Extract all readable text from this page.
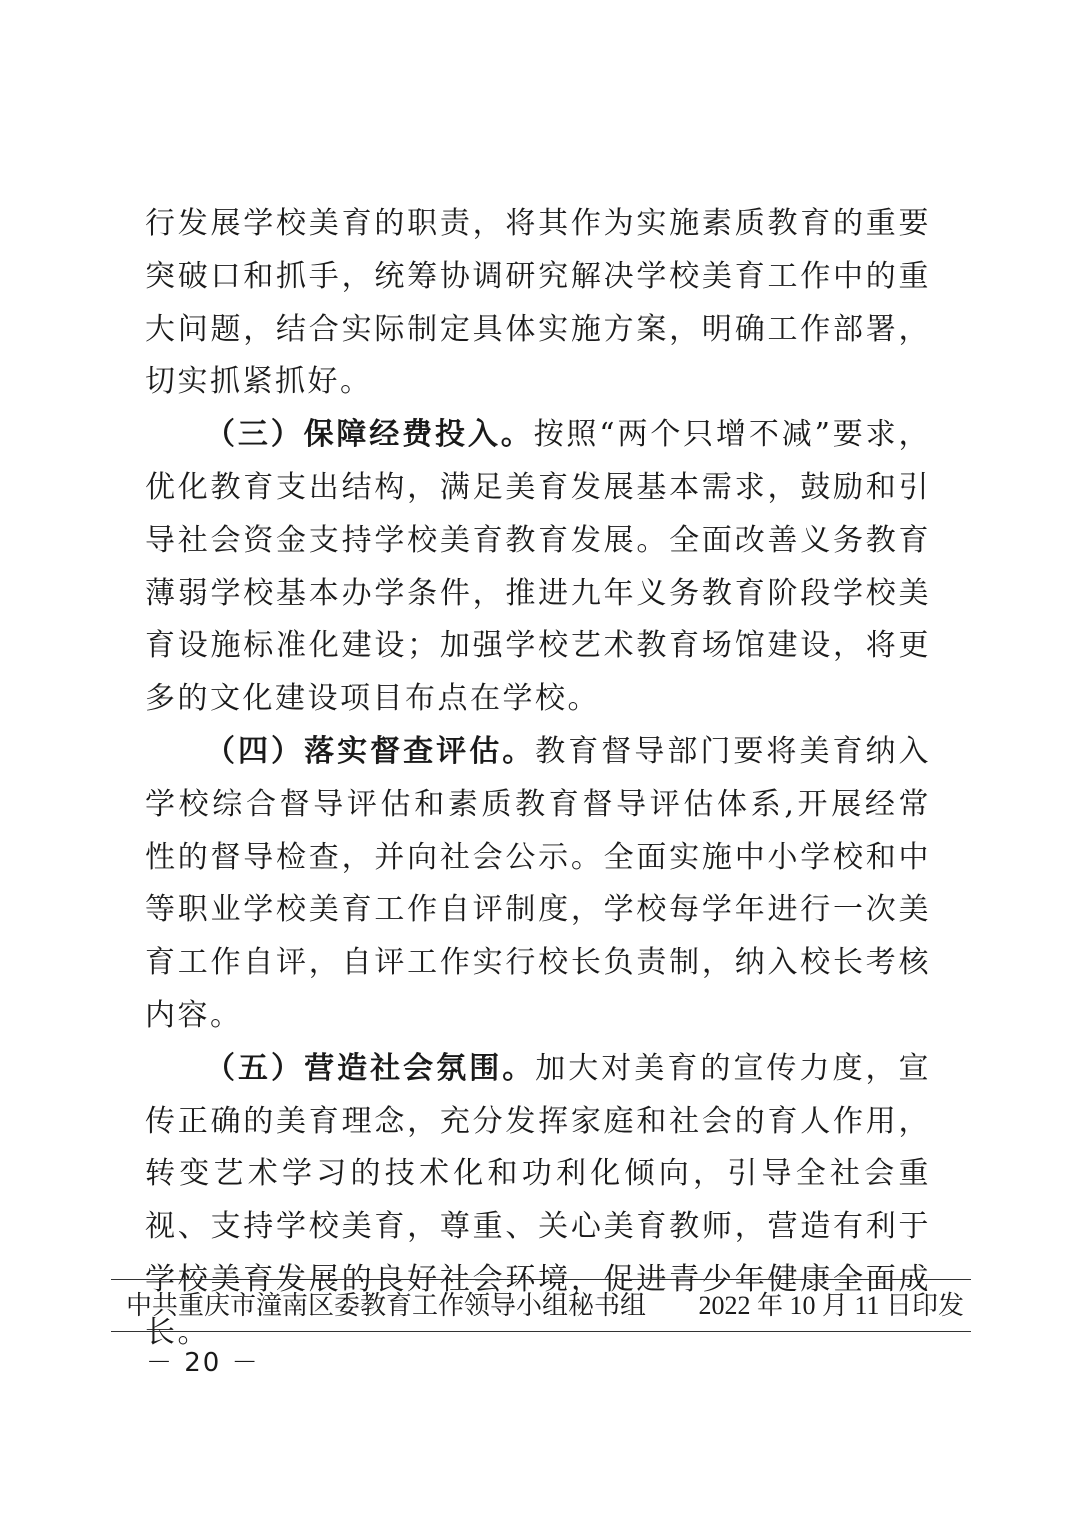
行发展学校美育的职责，将其作为实施素质教育的重要突破口和抓手，统筹协调研究解决学校美育工作中的重大问题，结合实际制定具体实施方案，明确工作部署，切实抓紧抓好。

（三）保障经费投入。按照“两个只增不减”要求，优化教育支出结构，满足美育发展基本需求，鼓励和引导社会资金支持学校美育教育发展。全面改善义务教育薄弱学校基本办学条件，推进九年义务教育阶段学校美育设施标准化建设；加强学校艺术教育场馆建设，将更多的文化建设项目布点在学校。

（四）落实督查评估。教育督导部门要将美育纳入学校综合督导评估和素质教育督导评估体系,开展经常性的督导检查，并向社会公示。全面实施中小学校和中等职业学校美育工作自评制度，学校每学年进行一次美育工作自评，自评工作实行校长负责制，纳入校长考核内容。

（五）营造社会氛围。加大对美育的宣传力度，宣传正确的美育理念，充分发挥家庭和社会的育人作用，转变艺术学习的技术化和功利化倾向，引导全社会重视、支持学校美育，尊重、关心美育教师，营造有利于学校美育发展的良好社会环境，促进青少年健康全面成长。

中共重庆市潼南区委教育工作领导小组秘书组 2022 年 10 月 11 日印发
－ 20 －
